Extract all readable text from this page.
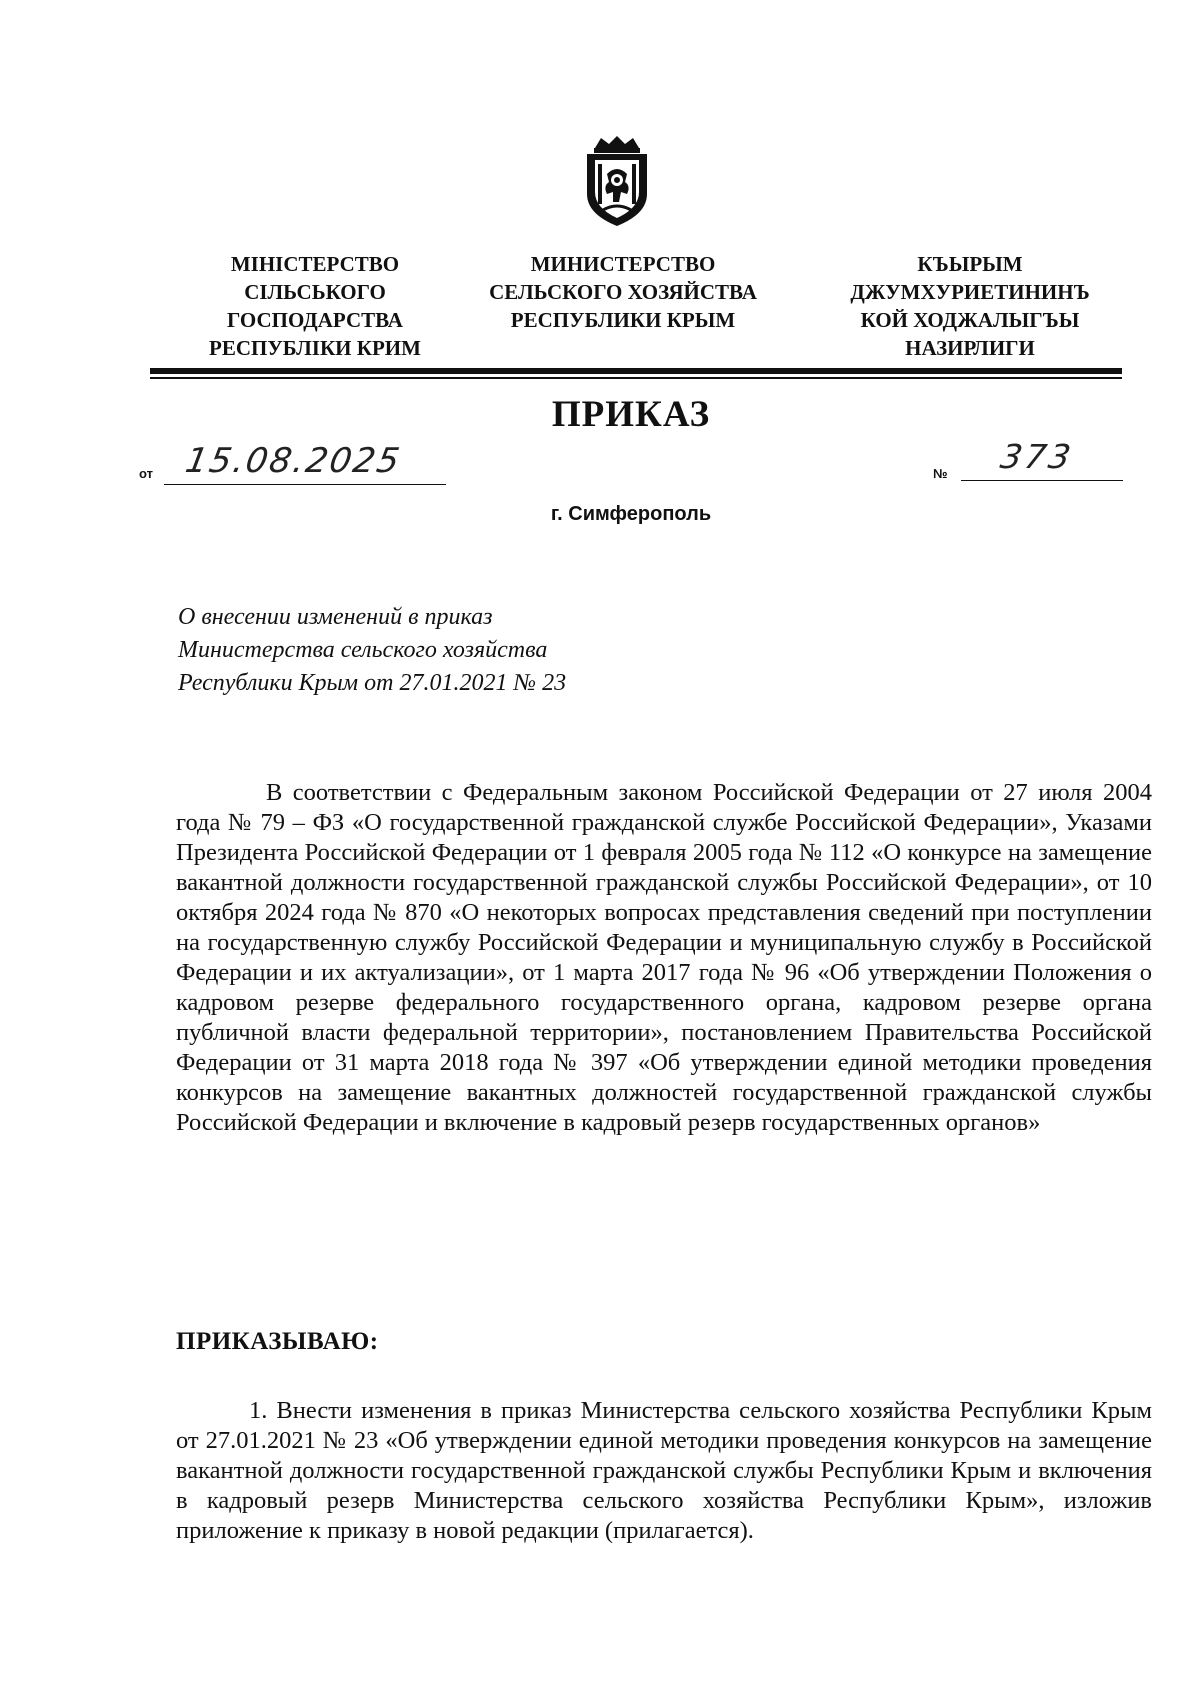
МІНІСТЕРСТВО
СІЛЬСЬКОГО
ГОСПОДАРСТВА
РЕСПУБЛІКИ КРИМ
МИНИСТЕРСТВО
СЕЛЬСКОГО ХОЗЯЙСТВА
РЕСПУБЛИКИ КРЫМ
КЪЫРЫМ
ДЖУМХУРИЕТИНИНЪ
КОЙ ХОДЖАЛЫГЪЫ
НАЗИРЛИГИ
ПРИКАЗ
от 15.08.2025	№ 373
г. Симферополь
О внесении изменений в приказ
Министерства сельского хозяйства
Республики Крым от 27.01.2021 № 23
В соответствии с Федеральным законом Российской Федерации от 27 июля 2004 года № 79 – ФЗ «О государственной гражданской службе Российской Федерации», Указами Президента Российской Федерации от 1 февраля 2005 года № 112 «О конкурсе на замещение вакантной должности государственной гражданской службы Российской Федерации», от 10 октября 2024 года № 870 «О некоторых вопросах представления сведений при поступлении на государственную службу Российской Федерации и муниципальную службу в Российской Федерации и их актуализации», от 1 марта 2017 года № 96 «Об утверждении Положения о кадровом резерве федерального государственного органа, кадровом резерве органа публичной власти федеральной территории», постановлением Правительства Российской Федерации от 31 марта 2018 года № 397 «Об утверждении единой методики проведения конкурсов на замещение вакантных должностей государственной гражданской службы Российской Федерации и включение в кадровый резерв государственных органов»
ПРИКАЗЫВАЮ:
1. Внести изменения в приказ Министерства сельского хозяйства Республики Крым от 27.01.2021 № 23 «Об утверждении единой методики проведения конкурсов на замещение вакантной должности государственной гражданской службы Республики Крым и включения в кадровый резерв Министерства сельского хозяйства Республики Крым», изложив приложение к приказу в новой редакции (прилагается).
